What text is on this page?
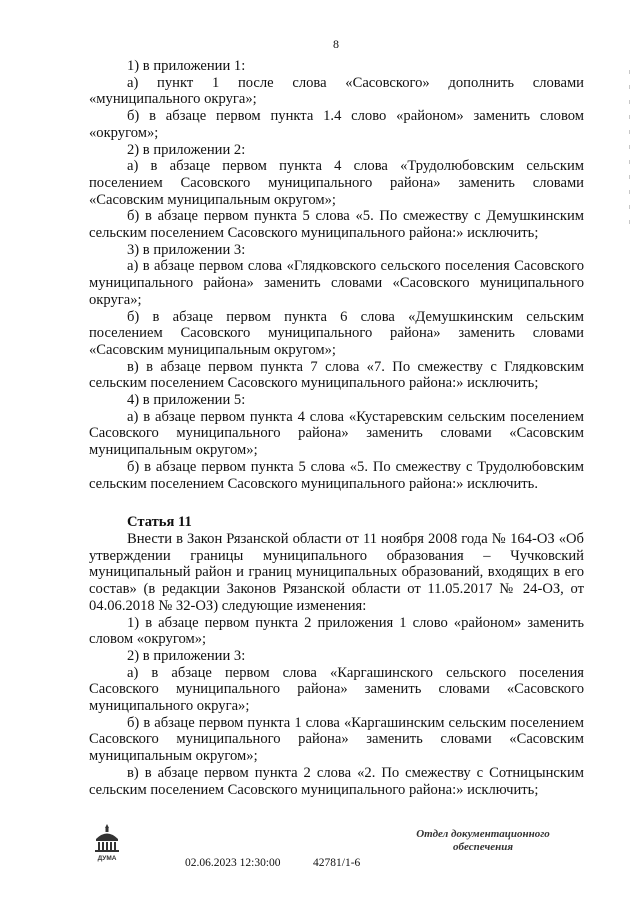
8

1) в приложении 1:

а) пункт 1 после слова «Сасовского» дополнить словами «муниципального округа»;

б) в абзаце первом пункта 1.4 слово «районом» заменить словом «округом»;

2) в приложении 2:

а) в абзаце первом пункта 4 слова «Трудолюбовским сельским поселением Сасовского муниципального района» заменить словами «Сасовским муниципальным округом»;

б) в абзаце первом пункта 5 слова «5. По смежеству с Демушкинским сельским поселением Сасовского муниципального района:» исключить;

3) в приложении 3:

а) в абзаце первом слова «Глядковского сельского поселения Сасовского муниципального района» заменить словами «Сасовского муниципального округа»;

б) в абзаце первом пункта 6 слова «Демушкинским сельским поселением Сасовского муниципального района» заменить словами «Сасовским муниципальным округом»;

в) в абзаце первом пункта 7 слова «7. По смежеству с Глядковским сельским поселением Сасовского муниципального района:» исключить;

4) в приложении 5:

а) в абзаце первом пункта 4 слова «Кустаревским сельским поселением Сасовского муниципального района» заменить словами «Сасовским муниципальным округом»;

б) в абзаце первом пункта 5 слова «5. По смежеству с Трудолюбовским сельским поселением Сасовского муниципального района:» исключить.

Статья 11

Внести в Закон Рязанской области от 11 ноября 2008 года № 164-ОЗ «Об утверждении границы муниципального образования – Чучковский муниципальный район и границ муниципальных образований, входящих в его состав» (в редакции Законов Рязанской области от 11.05.2017 № 24-ОЗ, от 04.06.2018 № 32-ОЗ) следующие изменения:

1) в абзаце первом пункта 2 приложения 1 слово «районом» заменить словом «округом»;

2) в приложении 3:

а) в абзаце первом слова «Каргашинского сельского поселения Сасовского муниципального района» заменить словами «Сасовского муниципального округа»;

б) в абзаце первом пункта 1 слова «Каргашинским сельским поселением Сасовского муниципального района» заменить словами «Сасовским муниципальным округом»;

в) в абзаце первом пункта 2 слова «2. По смежеству с Сотницынским сельским поселением Сасовского муниципального района:» исключить;

ДУМА	02.06.2023 12:30:00	42781/1-6
Отдел документационного
обеспечения
